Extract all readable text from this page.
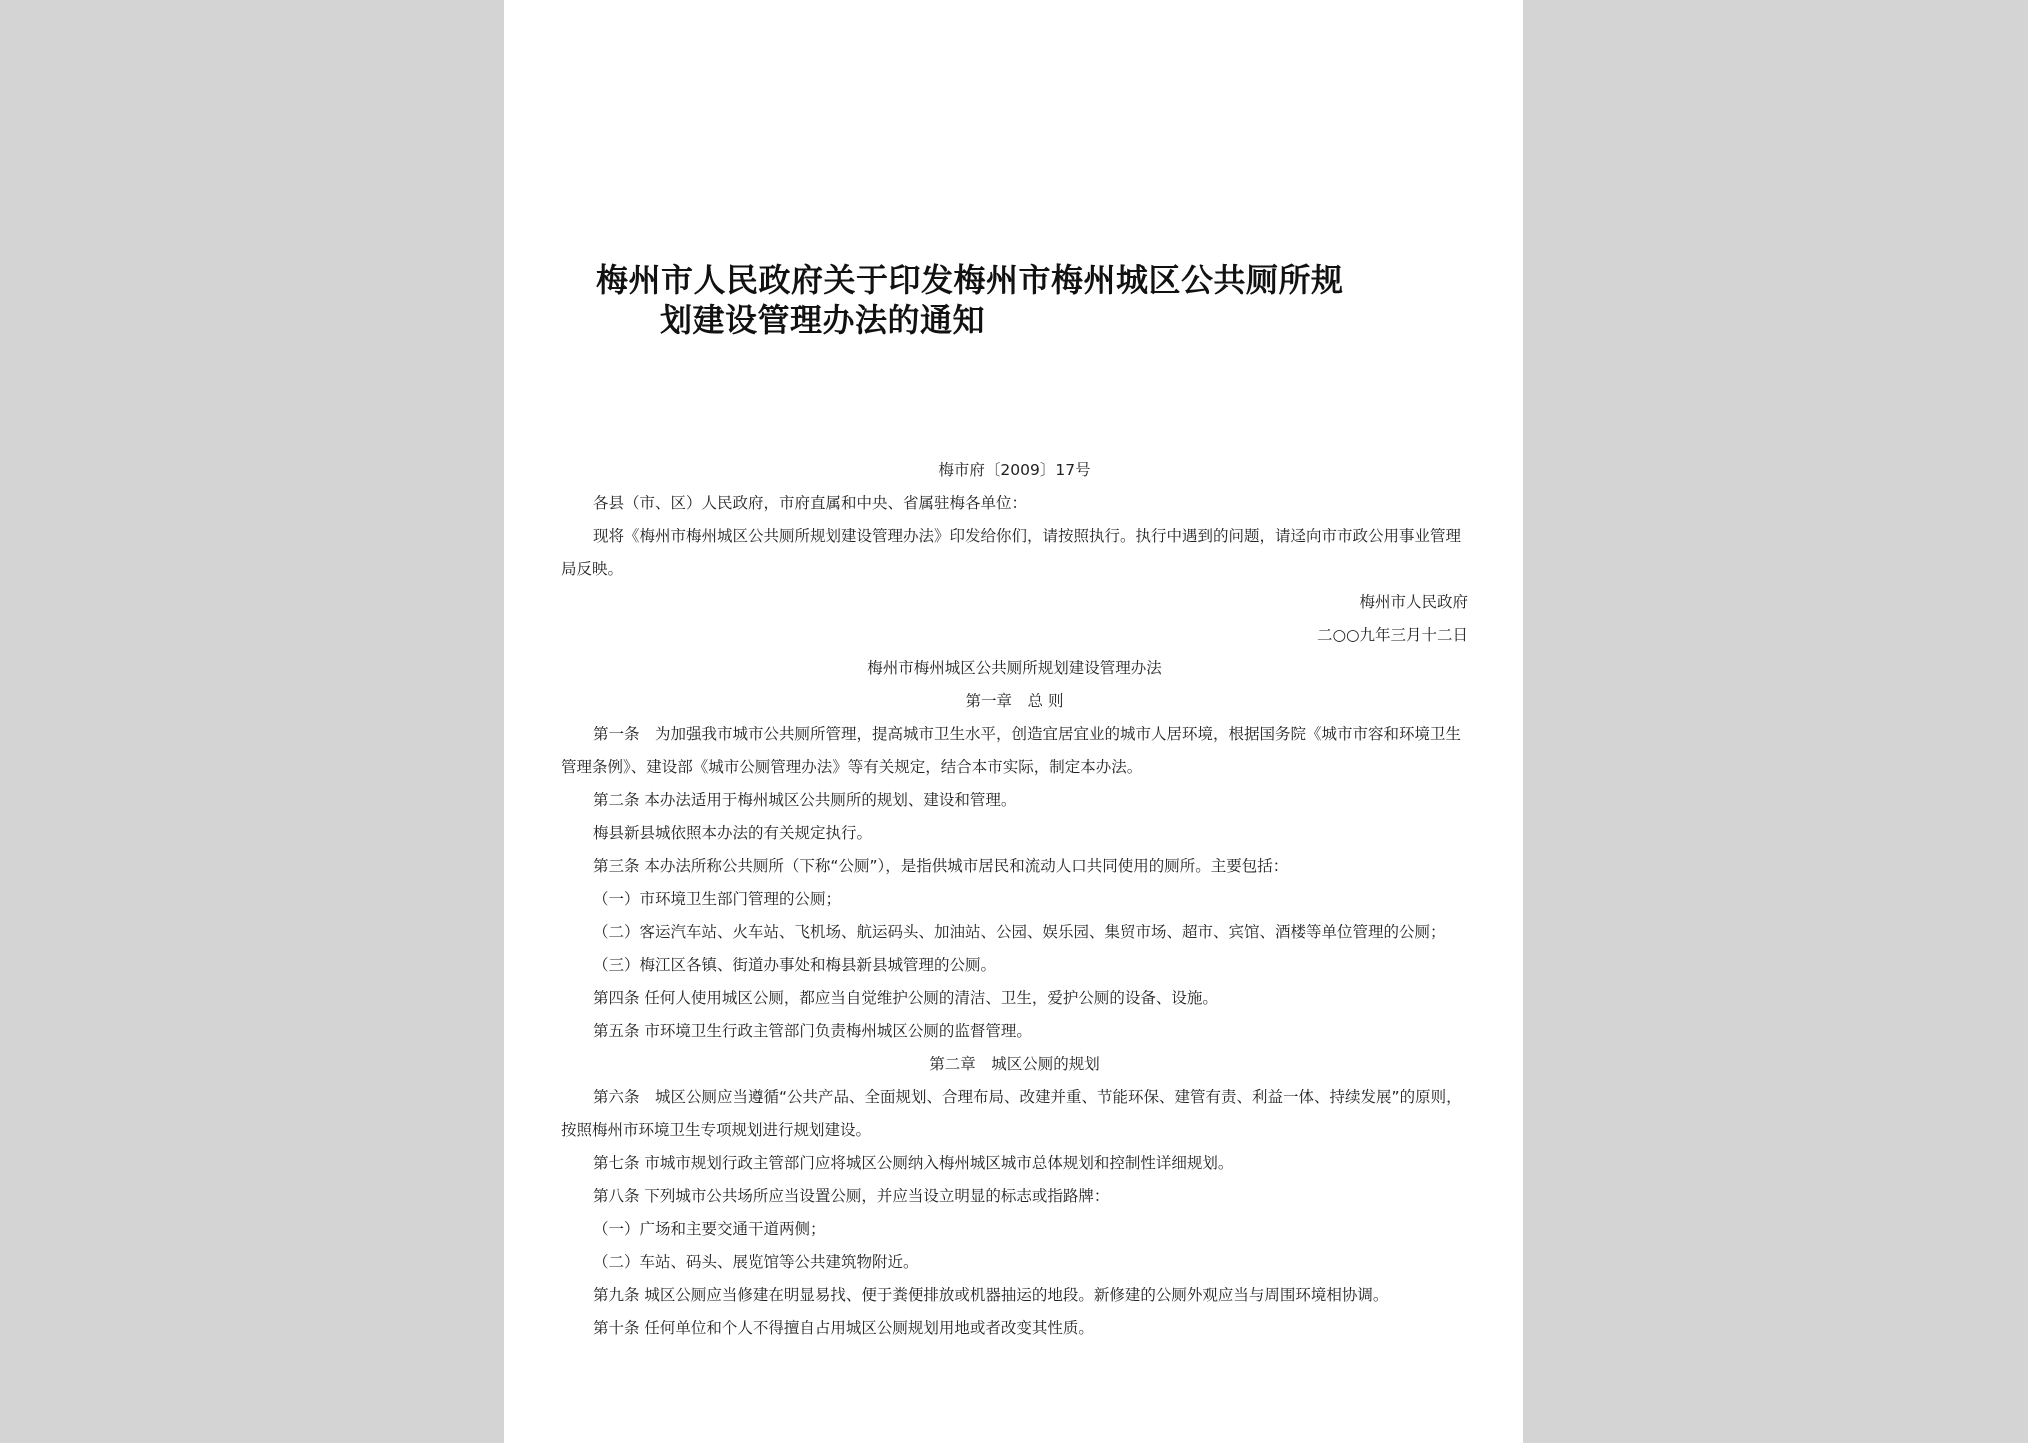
梅州市人民政府关于印发梅州市梅州城区公共厕所规
划建设管理办法的通知
梅市府〔2009〕17号
各县（市、区）人民政府，市府直属和中央、省属驻梅各单位：
现将《梅州市梅州城区公共厕所规划建设管理办法》印发给你们，请按照执行。执行中遇到的问题，请迳向市市政公用事业管理局反映。
梅州市人民政府
二○○九年三月十二日
梅州市梅州城区公共厕所规划建设管理办法
第一章　总 则
第一条　为加强我市城市公共厕所管理，提高城市卫生水平，创造宜居宜业的城市人居环境，根据国务院《城市市容和环境卫生管理条例》、建设部《城市公厕管理办法》等有关规定，结合本市实际，制定本办法。
第二条 本办法适用于梅州城区公共厕所的规划、建设和管理。
梅县新县城依照本办法的有关规定执行。
第三条 本办法所称公共厕所（下称“公厕”），是指供城市居民和流动人口共同使用的厕所。主要包括：
（一）市环境卫生部门管理的公厕；
（二）客运汽车站、火车站、飞机场、航运码头、加油站、公园、娱乐园、集贸市场、超市、宾馆、酒楼等单位管理的公厕；
（三）梅江区各镇、街道办事处和梅县新县城管理的公厕。
第四条 任何人使用城区公厕，都应当自觉维护公厕的清洁、卫生，爱护公厕的设备、设施。
第五条 市环境卫生行政主管部门负责梅州城区公厕的监督管理。
第二章　城区公厕的规划
第六条　城区公厕应当遵循“公共产品、全面规划、合理布局、改建并重、节能环保、建管有责、利益一体、持续发展”的原则，按照梅州市环境卫生专项规划进行规划建设。
第七条 市城市规划行政主管部门应将城区公厕纳入梅州城区城市总体规划和控制性详细规划。
第八条 下列城市公共场所应当设置公厕，并应当设立明显的标志或指路牌：
（一）广场和主要交通干道两侧；
（二）车站、码头、展览馆等公共建筑物附近。
第九条 城区公厕应当修建在明显易找、便于粪便排放或机器抽运的地段。新修建的公厕外观应当与周围环境相协调。
第十条 任何单位和个人不得擅自占用城区公厕规划用地或者改变其性质。
